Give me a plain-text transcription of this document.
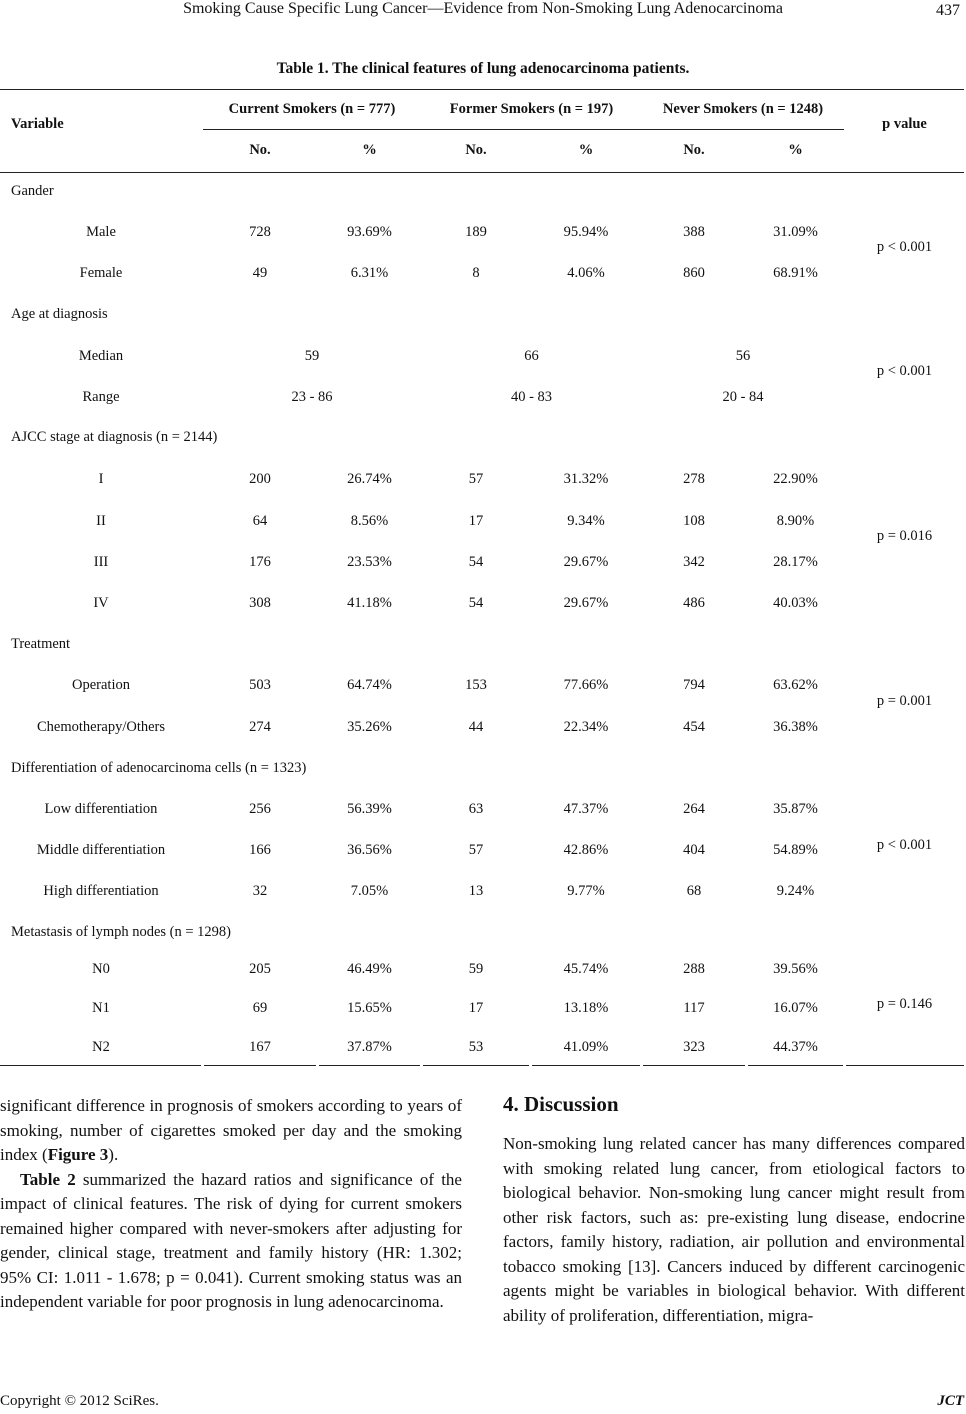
Smoking Cause Specific Lung Cancer—Evidence from Non-Smoking Lung Adenocarcinoma	437
Table 1. The clinical features of lung adenocarcinoma patients.
Variable
Current Smokers (n = 777)	Former Smokers (n = 197)	Never Smokers (n = 1248)
p value
No.	%	No.	%	No.	%
Gander
p < 0.001
Male	728	93.69%	189	95.94%	388	31.09%
Female	49	6.31%	8	4.06%	860	68.91%
Age at diagnosis
p < 0.001
Median	59	66	56
Range	23 - 86	40 - 83	20 - 84
AJCC stage at diagnosis (n = 2144)
p = 0.016
I	200	26.74%	57	31.32%	278	22.90%
II	64	8.56%	17	9.34%	108	8.90%
III	176	23.53%	54	29.67%	342	28.17%
IV	308	41.18%	54	29.67%	486	40.03%
Treatment
p = 0.001
Operation	503	64.74%	153	77.66%	794	63.62%
Chemotherapy/Others	274	35.26%	44	22.34%	454	36.38%
Differentiation of adenocarcinoma cells (n = 1323)
p < 0.001
Low differentiation	256	56.39%	63	47.37%	264	35.87%
Middle differentiation	166	36.56%	57	42.86%	404	54.89%
High differentiation	32	7.05%	13	9.77%	68	9.24%
Metastasis of lymph nodes (n = 1298)
p = 0.146
N0	205	46.49%	59	45.74%	288	39.56%
N1	69	15.65%	17	13.18%	117	16.07%
N2	167	37.87%	53	41.09%	323	44.37%

significant difference in prognosis of smokers according to years of smoking, number of cigarettes smoked per day and the smoking index (Figure 3).

Table 2 summarized the hazard ratios and significance of the impact of clinical features. The risk of dying for current smokers remained higher compared with never-smokers after adjusting for gender, clinical stage, treatment and family history (HR: 1.302; 95% CI: 1.011 - 1.678; p = 0.041). Current smoking status was an independent variable for poor prognosis in lung adenocarcinoma.

4. Discussion

Non-smoking lung related cancer has many differences compared with smoking related lung cancer, from etiological factors to biological behavior. Non-smoking lung cancer might result from other risk factors, such as: pre-existing lung disease, endocrine factors, family history, radiation, air pollution and environmental tobacco smoking [13]. Cancers induced by different carcinogenic agents might be variables in biological behavior. With different ability of proliferation, differentiation, migra-

Copyright © 2012 SciRes.	JCT
